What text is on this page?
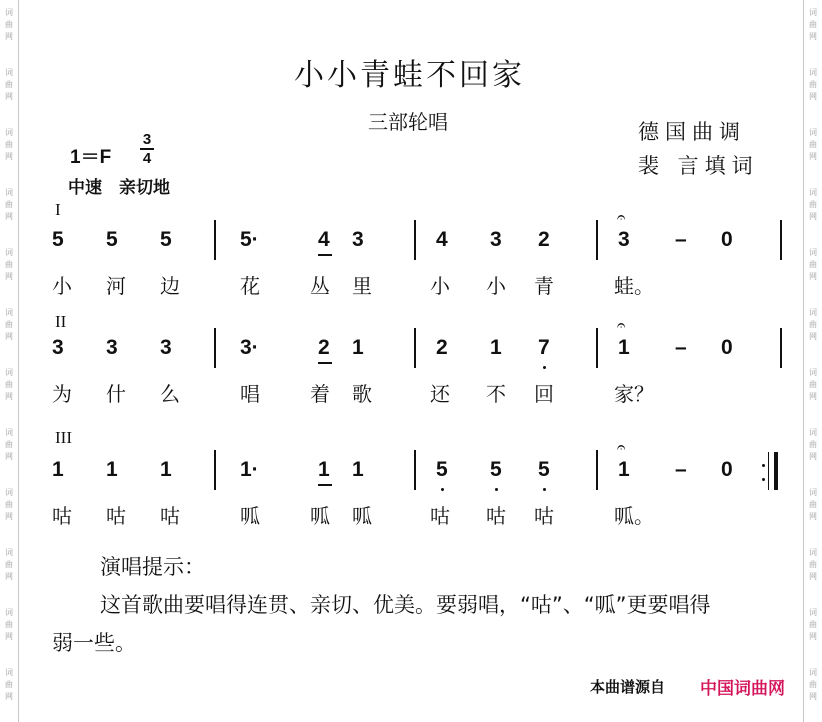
词
曲
网
词
曲
网
词
曲
网
词
曲
网
词
曲
网
词
曲
网
词
曲
网
词
曲
网
词
曲
网
词
曲
网
词
曲
网
词
曲
网
词
曲
网
词
曲
网
词
曲
网
词
曲
网
词
曲
网
词
曲
网
词
曲
网
词
曲
网
词
曲
网
词
曲
网
词
曲
网
词
曲
网
小小青蛙不回家
三部轮唱	德国曲调
裴 言填词
1＝F
3
4
中速　亲切地
I
5 5 5	5·	4 3	4 3 2	3 – 0
小 河 边	花	丛 里	小 小 青	蛙。
𝄐
II
3 3 3	3·	2 1	2 1 7	1 – 0
为 什 么	唱	着 歌	还 不 回	家？
𝄐
III
1 1 1	1·	1 1	5 5 5	1 – 0
咕 咕 咕	呱	呱 呱	咕 咕 咕	呱。
𝄐
演唱提示：
这首歌曲要唱得连贯、亲切、优美。要弱唱，“咕”、“呱”更要唱得
弱一些。
本曲谱源自 中国词曲网
